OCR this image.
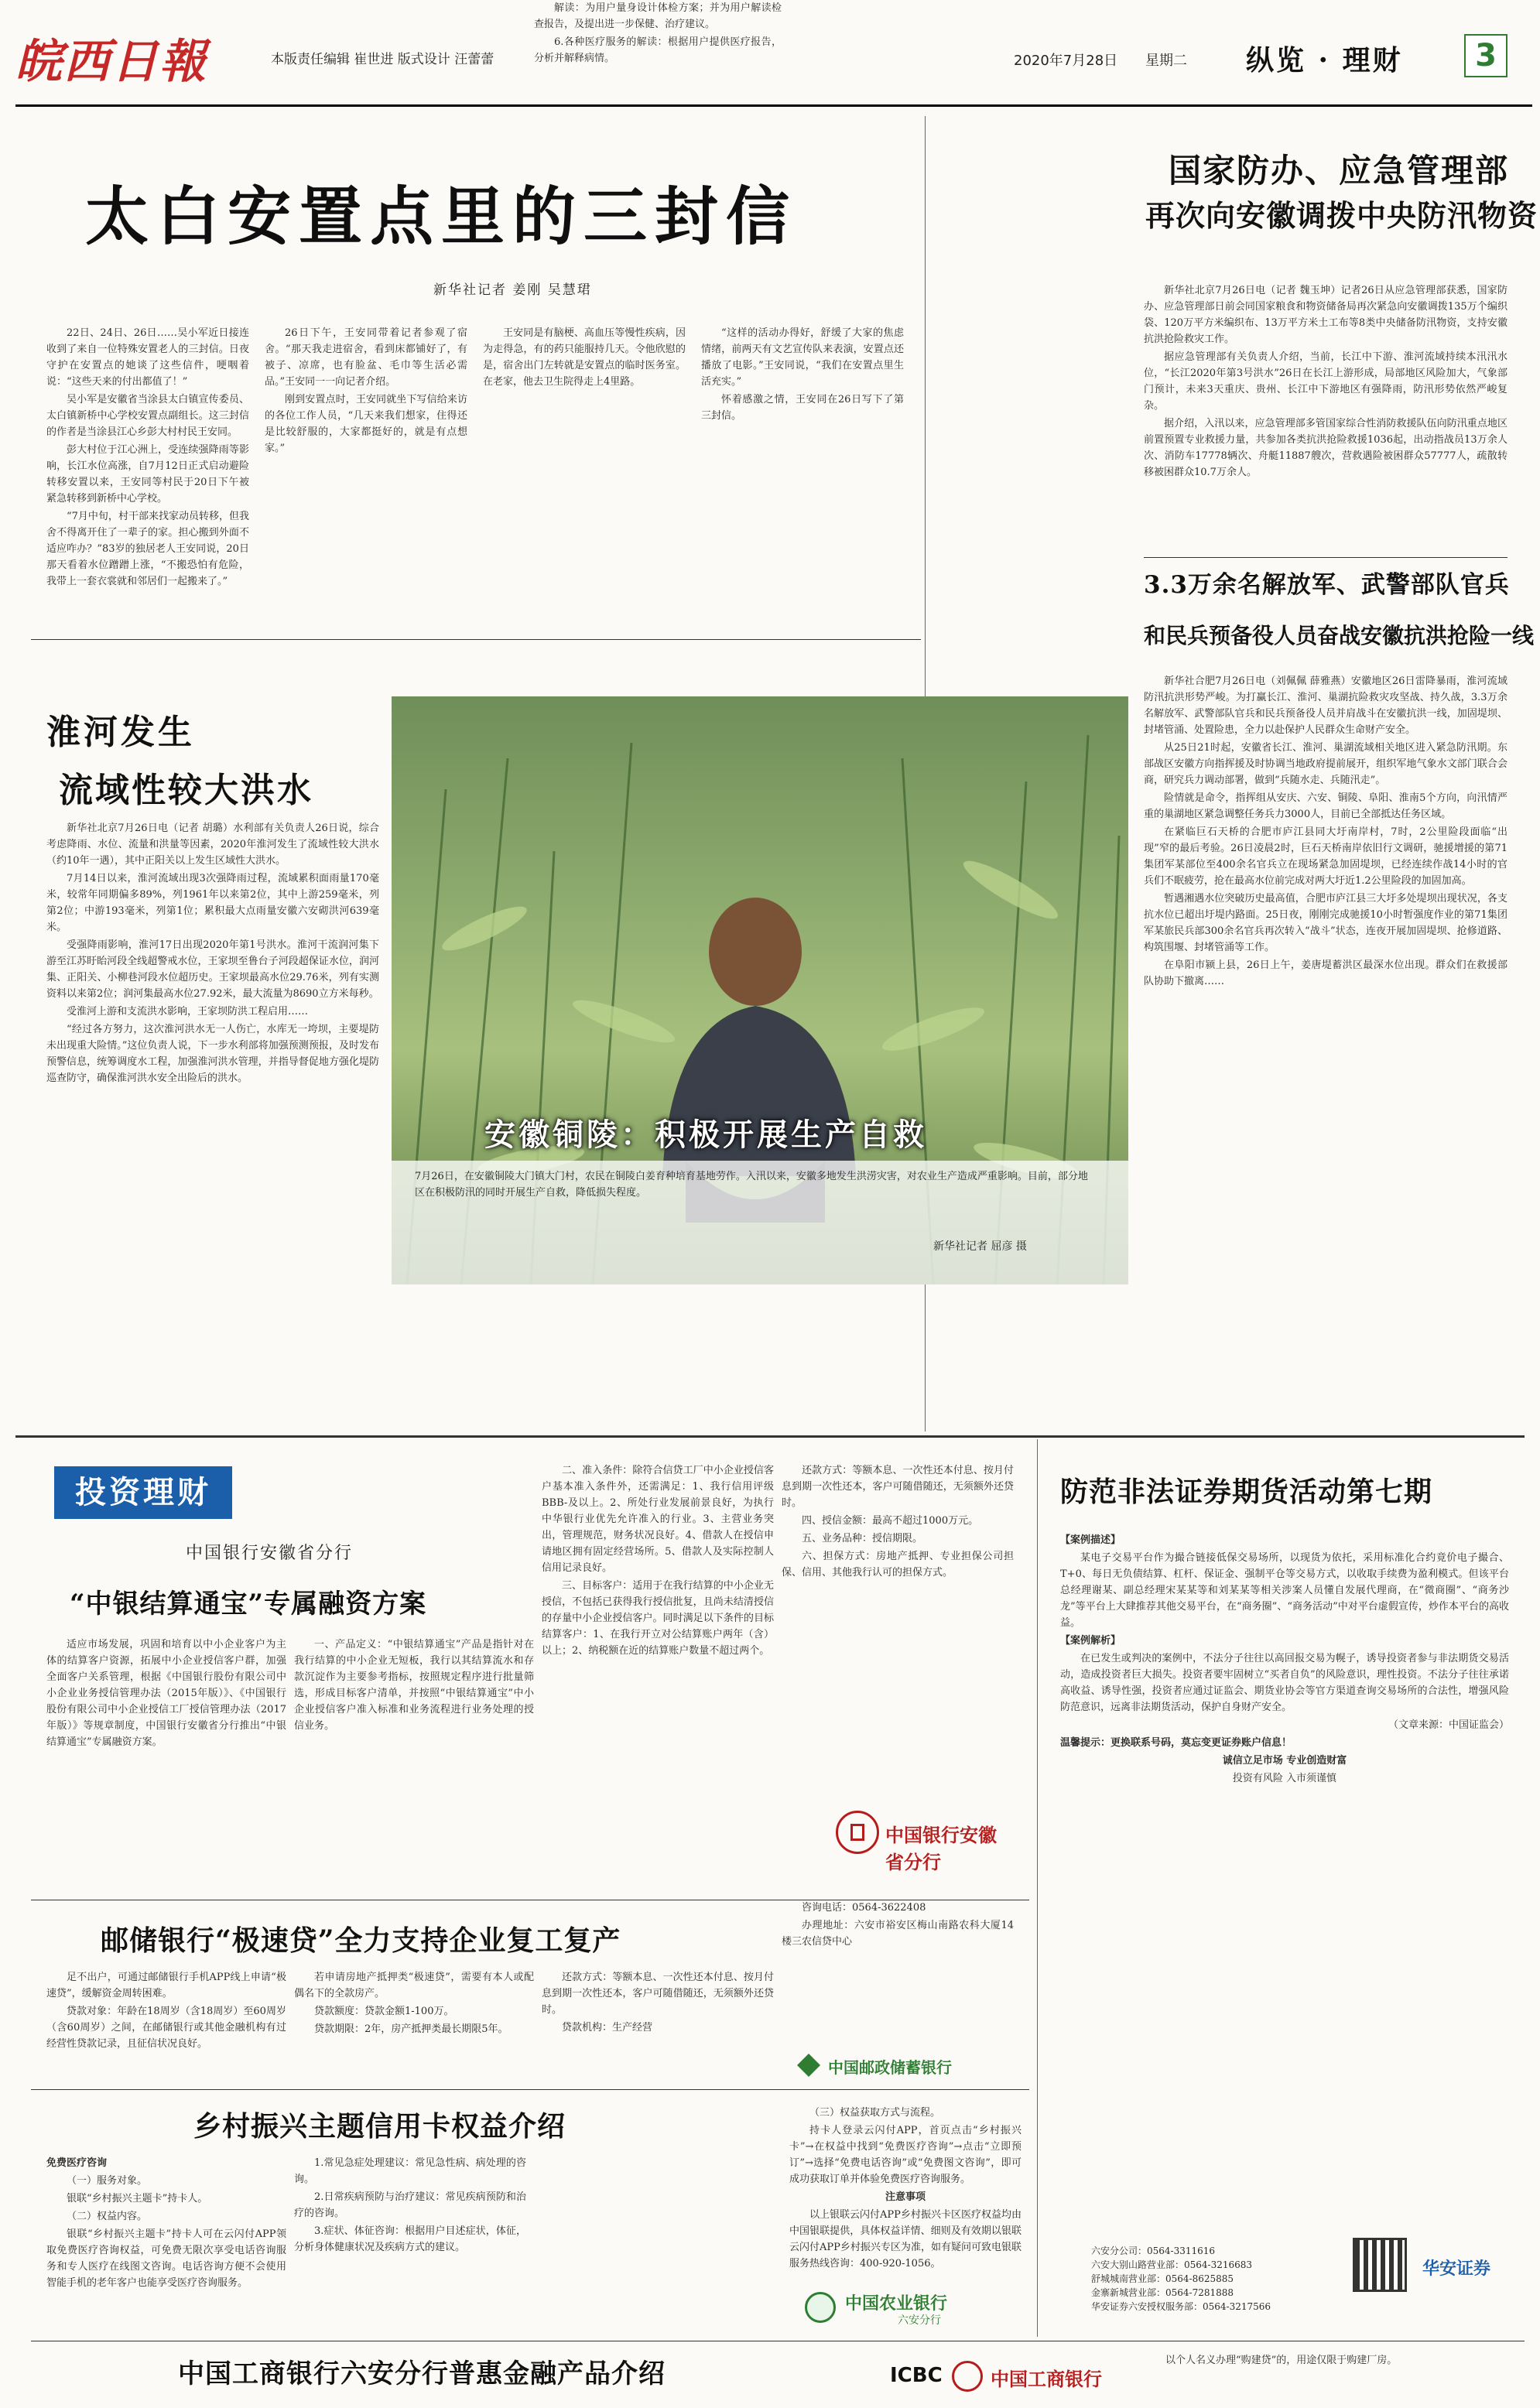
皖西日報	本版责任编辑 崔世进 版式设计 汪蕾蕾	2020年7月28日 星期二 纵览 · 理财	3
太白安置点里的三封信
新华社记者 姜刚 吴慧珺

22日、24日、26日……吴小军近日接连收到了来自一位特殊安置老人的三封信。日夜守护在安置点的她谈了这些信件，哽咽着说：“这些天来的付出都值了！”

吴小军是安徽省当涂县太白镇宣传委员、太白镇新桥中心学校安置点副组长。这三封信的作者是当涂县江心乡彭大村村民王安同。

彭大村位于江心洲上，受连续强降雨等影响，长江水位高涨，自7月12日正式启动避险转移安置以来，王安同等村民于20日下午被紧急转移到新桥中心学校。

“7月中旬，村干部来找家动员转移，但我舍不得离开住了一辈子的家。担心搬到外面不适应咋办？”83岁的独居老人王安同说，20日那天看着水位蹭蹭上涨，“不搬恐怕有危险，我带上一套衣裳就和邻居们一起搬来了。”

26日下午，王安同带着记者参观了宿舍。“那天我走进宿舍，看到床都铺好了，有被子、凉席，也有脸盆、毛巾等生活必需品。”王安同一一向记者介绍。

刚到安置点时，王安同就坐下写信给来访的各位工作人员，“几天来我们想家，住得还是比较舒服的，大家都挺好的，就是有点想家。”

王安同是有脑梗、高血压等慢性疾病，因为走得急，有的药只能服持几天。令他欣慰的是，宿舍出门左转就是安置点的临时医务室。在老家，他去卫生院得走上4里路。

“这样的活动办得好，舒缓了大家的焦虑情绪，前两天有文艺宣传队来表演，安置点还播放了电影。”王安同说，“我们在安置点里生活充实。”

怀着感激之情，王安同在26日写下了第三封信。

国家防办、应急管理部
再次向安徽调拨中央防汛物资

新华社北京7月26日电（记者 魏玉坤）记者26日从应急管理部获悉，国家防办、应急管理部日前会同国家粮食和物资储备局再次紧急向安徽调拨135万个编织袋、120万平方米编织布、13万平方米土工布等8类中央储备防汛物资，支持安徽抗洪抢险救灾工作。

据应急管理部有关负责人介绍，当前，长江中下游、淮河流域持续本汛汛水位，“长江2020年第3号洪水”26日在长江上游形成，局部地区风险加大，气象部门预计，未来3天重庆、贵州、长江中下游地区有强降雨，防汛形势依然严峻复杂。

据介绍，入汛以来，应急管理部多管国家综合性消防救援队伍向防汛重点地区前置预置专业救援力量，共参加各类抗洪抢险救援1036起，出动指战员13万余人次、消防车17778辆次、舟艇11887艘次，营救遇险被困群众57777人，疏散转移被困群众10.7万余人。

3.3万余名解放军、武警部队官兵
和民兵预备役人员奋战安徽抗洪抢险一线

新华社合肥7月26日电（刘佩佩 薛雅燕）安徽地区26日雷降暴雨，淮河流域防汛抗洪形势严峻。为打赢长江、淮河、巢湖抗险救灾攻坚战、持久战，3.3万余名解放军、武警部队官兵和民兵预备役人员并肩战斗在安徽抗洪一线，加固堤坝、封堵管涌、处置险患，全力以赴保护人民群众生命财产安全。

从25日21时起，安徽省长江、淮河、巢湖流域相关地区进入紧急防汛期。东部战区安徽方向指挥援及时协调当地政府提前展开，组织军地气象水文部门联合会商，研究兵力调动部署，做到“兵随水走、兵随汛走”。

险情就是命令，指挥组从安庆、六安、铜陵、阜阳、淮南5个方向，向汛情严重的巢湖地区紧急调整任务兵力3000人，目前已全部抵达任务区域。

在紧临巨石天桥的合肥市庐江县同大圩南岸村，7时，2公里险段面临“出现”窄的最后考验。26日凌晨2时，巨石天桥南岸依旧行文调研，驰援增援的第71集团军某部位至400余名官兵立在现场紧急加固堤坝，已经连续作战14小时的官兵们不眠疲劳，抢在最高水位前完成对两大圩近1.2公里险段的加固加高。

暂遇湘遇水位突破历史最高值，合肥市庐江县三大圩多处堤坝出现状况，各支抗水位已超出圩堤内路面。25日夜，刚刚完成驰援10小时暂强度作业的第71集团军某旅民兵部300余名官兵再次转入“战斗”状态，连夜开展加固堤坝、抢修道路、构筑围堰、封堵管涌等工作。

在阜阳市颍上县，26日上午，姜唐堤蓄洪区最深水位出现。群众们在救援部队协助下撤离……

淮河发生
流域性较大洪水

新华社北京7月26日电（记者 胡璐）水利部有关负责人26日说，综合考虑降雨、水位、流量和洪量等因素，2020年淮河发生了流域性较大洪水（约10年一遇），其中正阳关以上发生区域性大洪水。

7月14日以来，淮河流域出现3次强降雨过程，流域累积面雨量170毫米，较常年同期偏多89%，列1961年以来第2位，其中上游259毫米，列第2位；中游193毫米，列第1位；累积最大点雨量安徽六安砌洪河639毫米。

受强降雨影响，淮河17日出现2020年第1号洪水。淮河干流润河集下游至江苏盱眙河段全线超警戒水位，王家坝至鲁台子河段超保证水位，润河集、正阳关、小柳巷河段水位超历史。王家坝最高水位29.76米，列有实测资料以来第2位；润河集最高水位27.92米，最大流量为8690立方米每秒。

受淮河上游和支流洪水影响，王家坝防洪工程启用……

“经过各方努力，这次淮河洪水无一人伤亡，水库无一垮坝，主要堤防未出现重大险情。”这位负责人说，下一步水利部将加强预测预报，及时发布预警信息，统筹调度水工程，加强淮河洪水管理，并指导督促地方强化堤防巡查防守，确保淮河洪水安全出险后的洪水。

安徽铜陵：积极开展生产自救
7月26日，在安徽铜陵大门镇大门村，农民在铜陵白姜育种培育基地劳作。入汛以来，安徽多地发生洪涝灾害，对农业生产造成严重影响。目前，部分地区在积极防汛的同时开展生产自救，降低损失程度。
新华社记者 屈彦 摄
投资理财
中国银行安徽省分行
“中银结算通宝”专属融资方案

适应市场发展，巩固和培育以中小企业客户为主体的结算客户资源，拓展中小企业授信客户群，加强全面客户关系管理，根据《中国银行股份有限公司中小企业业务授信管理办法（2015年版）》、《中国银行股份有限公司中小企业授信工厂授信管理办法（2017年版）》等规章制度，中国银行安徽省分行推出“中银结算通宝”专属融资方案。

一、产品定义：“中银结算通宝”产品是指针对在我行结算的中小企业无短板，我行以其结算流水和存款沉淀作为主要参考指标，按照规定程序进行批量筛选，形成目标客户清单，并按照“中银结算通宝”中小企业授信客户准入标准和业务流程进行业务处理的授信业务。

二、准入条件：除符合信贷工厂中小企业授信客户基本准入条件外，还需满足：1、我行信用评级BBB-及以上。2、所处行业发展前景良好，为执行中华银行业优先允许准入的行业。3、主营业务突出，管理规范，财务状况良好。4、借款人在授信申请地区拥有固定经营场所。5、借款人及实际控制人信用记录良好。

三、目标客户：适用于在我行结算的中小企业无授信，不包括已获得我行授信批复，且尚未结清授信的存量中小企业授信客户。同时满足以下条件的目标结算客户：1、在我行开立对公结算账户两年（含）以上；2、纳税额在近的结算账户数量不超过两个。

还款方式：等额本息、一次性还本付息、按月付息到期一次性还本，客户可随借随还，无须额外还贷时。

四、授信金额：最高不超过1000万元。

五、业务品种：授信期限。

六、担保方式：房地产抵押、专业担保公司担保、信用、其他我行认可的担保方式。

中国银行安徽省分行
邮储银行“极速贷”全力支持企业复工复产

足不出户，可通过邮储银行手机APP线上申请“极速贷”，缓解资金周转困难。

贷款对象：年龄在18周岁（含18周岁）至60周岁（含60周岁）之间，在邮储银行或其他金融机构有过经营性贷款记录，且征信状况良好。

若申请房地产抵押类“极速贷”，需要有本人或配偶名下的全款房产。

贷款额度：贷款金额1-100万。

贷款期限：2年，房产抵押类最长期限5年。

还款方式：等额本息、一次性还本付息、按月付息到期一次性还本，客户可随借随还，无须额外还贷时。

贷款机构：生产经营

咨询电话：0564-3622408

办理地址：六安市裕安区梅山南路农科大厦14楼三农信贷中心

中国邮政储蓄银行
乡村振兴主题信用卡权益介绍

免费医疗咨询

（一）服务对象。

银联“乡村振兴主题卡”持卡人。

（二）权益内容。

银联“乡村振兴主题卡”持卡人可在云闪付APP领取免费医疗咨询权益，可免费无限次享受电话咨询服务和专人医疗在线图文咨询。电话咨询方便不会使用智能手机的老年客户也能享受医疗咨询服务。

1.常见急症处理建议：常见急性病、病处理的咨询。

2.日常疾病预防与治疗建议：常见疾病预防和治疗的咨询。

3.症状、体征咨询：根据用户目述症状，体征，分析身体健康状况及疾病方式的建议。

解读：为用户量身设计体检方案；并为用户解读检查报告，及提出进一步保健、治疗建议。

6.各种医疗服务的解读：根据用户提供医疗报告，分析并解释病情。

（三）权益获取方式与流程。

持卡人登录云闪付APP，首页点击“乡村振兴卡”→在权益中找到“免费医疗咨询”→点击“立即预订”→选择“免费电话咨询”或“免费图文咨询”，即可成功获取订单并体验免费医疗咨询服务。

注意事项

以上银联云闪付APP乡村振兴卡区医疗权益均由中国银联提供，具体权益详情、细则及有效期以银联云闪付APP乡村振兴专区为准，如有疑问可致电银联服务热线咨询：400-920-1056。

中国农业银行
六安分行
防范非法证券期货活动第七期

【案例描述】

某电子交易平台作为撮合链接低保交易场所，以现货为依托，采用标准化合约竟价电子撮合、T+0、每日无负债结算、杠杆、保证金、强制平仓等交易方式，以收取手续费为盈利模式。但该平台总经理谢某、副总经理宋某某等和刘某某等相关涉案人员懂自发展代理商，在“微商圈”、“商务沙龙”等平台上大肆推荐其他交易平台，在“商务圈”、“商务活动”中对平台虚假宣传，炒作本平台的高收益。

【案例解析】

在已发生或判决的案例中，不法分子往往以高回报交易为幌子，诱导投资者参与非法期货交易活动，造成投资者巨大损失。投资者要牢固树立“买者自负”的风险意识，理性投资。不法分子往往承诺高收益、诱导性强，投资者应通过证监会、期货业协会等官方渠道查询交易场所的合法性，增强风险防范意识，远离非法期货活动，保护自身财产安全。

（文章来源：中国证监会）

温馨提示：更换联系号码，莫忘变更证券账户信息！

诚信立足市场 专业创造财富

投资有风险 入市须谨慎

六安分公司：0564-3311616
六安大别山路营业部：0564-3216683
舒城城南营业部：0564-8625885
金寨新城营业部：0564-7281888
华安证券六安授权服务部：0564-3217566
华安证券
中国工商银行六安分行普惠金融产品介绍	以个人名义办理“购建贷”的，用途仅限于购建厂房。

ICBC	中国工商银行
